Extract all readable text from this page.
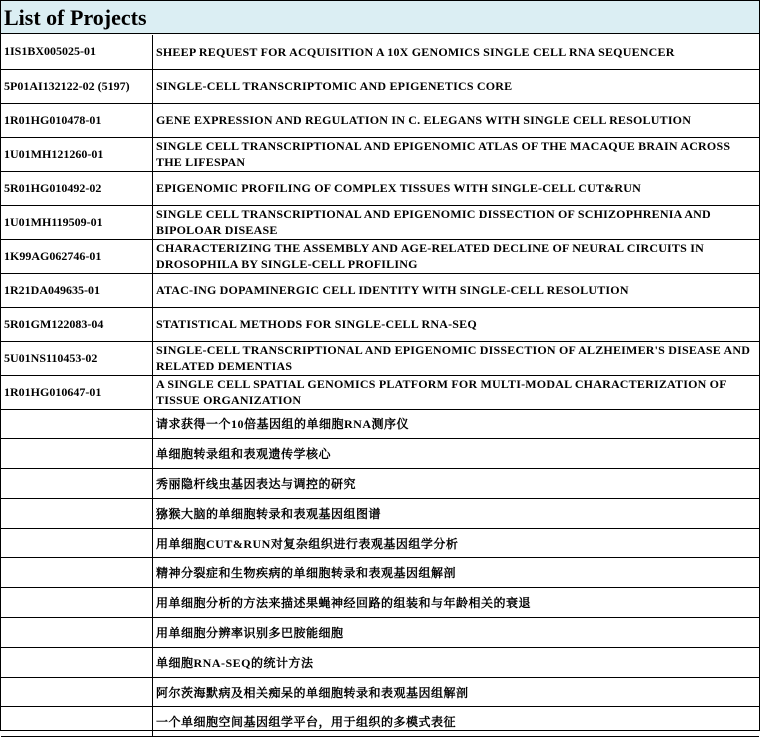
List of Projects
1IS1BX005025-01	SHEEP REQUEST FOR ACQUISITION A 10X GENOMICS SINGLE CELL RNA SEQUENCER
5P01AI132122-02 (5197)	SINGLE-CELL TRANSCRIPTOMIC AND EPIGENETICS CORE
1R01HG010478-01	GENE EXPRESSION AND REGULATION IN C. ELEGANS WITH SINGLE CELL RESOLUTION
1U01MH121260-01	SINGLE CELL TRANSCRIPTIONAL AND EPIGENOMIC ATLAS OF THE MACAQUE BRAIN ACROSS THE LIFESPAN
5R01HG010492-02	EPIGENOMIC PROFILING OF COMPLEX TISSUES WITH SINGLE-CELL CUT&RUN
1U01MH119509-01	SINGLE CELL TRANSCRIPTIONAL AND EPIGENOMIC DISSECTION OF SCHIZOPHRENIA AND BIPOLOAR DISEASE
1K99AG062746-01	CHARACTERIZING THE ASSEMBLY AND AGE-RELATED DECLINE OF NEURAL CIRCUITS IN DROSOPHILA BY SINGLE-CELL PROFILING
1R21DA049635-01	ATAC-ING DOPAMINERGIC CELL IDENTITY WITH SINGLE-CELL RESOLUTION
5R01GM122083-04	STATISTICAL METHODS FOR SINGLE-CELL RNA-SEQ
5U01NS110453-02	SINGLE-CELL TRANSCRIPTIONAL AND EPIGENOMIC DISSECTION OF ALZHEIMER'S DISEASE AND RELATED DEMENTIAS
1R01HG010647-01	A SINGLE CELL SPATIAL GENOMICS PLATFORM FOR MULTI-MODAL CHARACTERIZATION OF TISSUE ORGANIZATION
	请求获得一个10倍基因组的单细胞RNA测序仪
	单细胞转录组和表观遗传学核心
	秀丽隐杆线虫基因表达与调控的研究
	猕猴大脑的单细胞转录和表观基因组图谱
	用单细胞CUT&RUN对复杂组织进行表观基因组学分析
	精神分裂症和生物疾病的单细胞转录和表观基因组解剖
	用单细胞分析的方法来描述果蝇神经回路的组装和与年龄相关的衰退
	用单细胞分辨率识别多巴胺能细胞
	单细胞RNA-SEQ的统计方法
	阿尔茨海默病及相关痴呆的单细胞转录和表观基因组解剖
	一个单细胞空间基因组学平台，用于组织的多模式表征
